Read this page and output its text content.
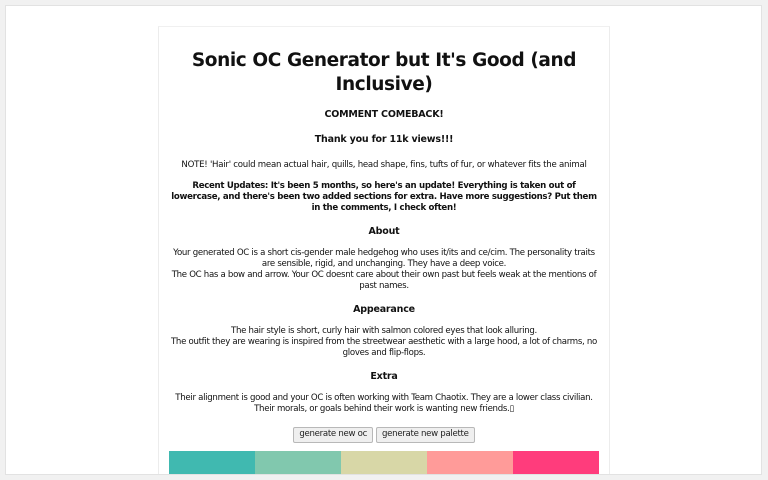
Sonic OC Generator but It's Good (and Inclusive)
COMMENT COMEBACK!
Thank you for 11k views!!!
NOTE! 'Hair' could mean actual hair, quills, head shape, fins, tufts of fur, or whatever fits the animal
Recent Updates: It's been 5 months, so here's an update! Everything is taken out of lowercase, and there's been two added sections for extra. Have more suggestions? Put them in the comments, I check often!
About
Your generated OC is a short cis-gender male hedgehog who uses it/its and ce/cim. The personality traits are sensible, rigid, and unchanging. They have a deep voice.
The OC has a bow and arrow. Your OC doesnt care about their own past but feels weak at the mentions of past names.
Appearance
The hair style is short, curly hair with salmon colored eyes that look alluring.
The outfit they are wearing is inspired from the streetwear aesthetic with a large hood, a lot of charms, no gloves and flip-flops.
Extra
Their alignment is good and your OC is often working with Team Chaotix. They are a lower class civilian.
Their morals, or goals behind their work is wanting new friends.▯
generate new oc	generate new palette
